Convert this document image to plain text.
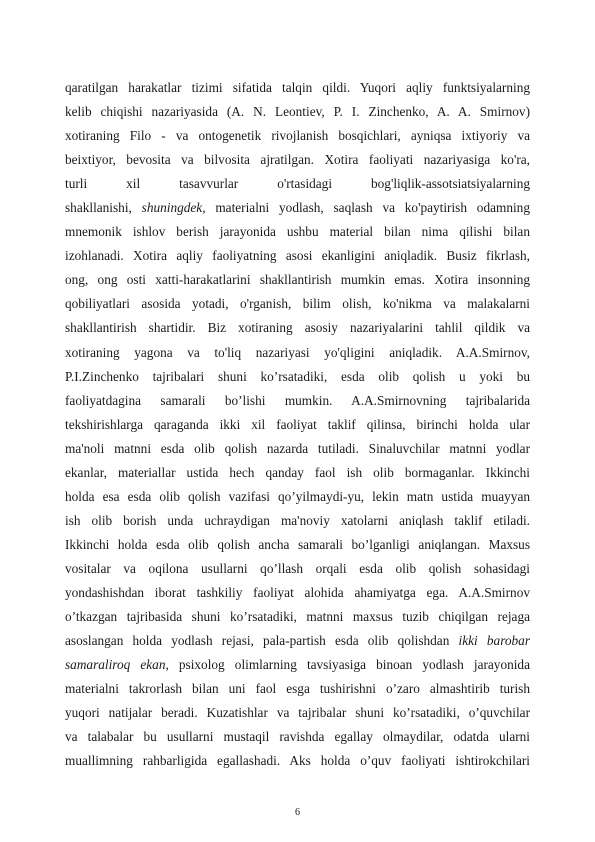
qaratilgan harakatlar tizimi sifatida talqin qildi. Yuqori aqliy funktsiyalarning
kelib chiqishi nazariyasida (A. N. Leontiev, P. I. Zinchenko, A. A. Smirnov)
xotiraning Filo - va ontogenetik rivojlanish bosqichlari, ayniqsa ixtiyoriy va
beixtiyor, bevosita va bilvosita ajratilgan. Xotira faoliyati nazariyasiga ko'ra,
turli xil tasavvurlar o'rtasidagi bog'liqlik-assotsiatsiyalarning
shakllanishi, shuningdek, materialni yodlash, saqlash va ko'paytirish odamning
mnemonik ishlov berish jarayonida ushbu material bilan nima qilishi bilan
izohlanadi. Xotira aqliy faoliyatning asosi ekanligini aniqladik. Busiz fikrlash,
ong, ong osti xatti-harakatlarini shakllantirish mumkin emas. Xotira insonning
qobiliyatlari asosida yotadi, o'rganish, bilim olish, ko'nikma va malakalarni
shakllantirish shartidir. Biz xotiraning asosiy nazariyalarini tahlil qildik va
xotiraning yagona va to'liq nazariyasi yo'qligini aniqladik. A.A.Smirnov,
P.I.Zinchenko tajribalari shuni ko’rsatadiki, esda olib qolish u yoki bu
faoliyatdagina samarali bo’lishi mumkin. A.A.Smirnovning tajribalarida
tekshirishlarga qaraganda ikki xil faoliyat taklif qilinsa, birinchi holda ular
ma'noli matnni esda olib qolish nazarda tutiladi. Sinaluvchilar matnni yodlar
ekanlar, materiallar ustida hech qanday faol ish olib bormaganlar. Ikkinchi
holda esa esda olib qolish vazifasi qo’yilmaydi-yu, lekin matn ustida muayyan
ish olib borish unda uchraydigan ma'noviy xatolarni aniqlash taklif etiladi.
Ikkinchi holda esda olib qolish ancha samarali bo’lganligi aniqlangan. Maxsus
vositalar va oqilona usullarni qo’llash orqali esda olib qolish sohasidagi
yondashishdan iborat tashkiliy faoliyat alohida ahamiyatga ega. A.A.Smirnov
o’tkazgan tajribasida shuni ko’rsatadiki, matnni maxsus tuzib chiqilgan rejaga
asoslangan holda yodlash rejasi, pala-partish esda olib qolishdan ikki barobar
samaraliroq ekan, psixolog olimlarning tavsiyasiga binoan yodlash jarayonida
materialni takrorlash bilan uni faol esga tushirishni o’zaro almashtirib turish
yuqori natijalar beradi. Kuzatishlar va tajribalar shuni ko’rsatadiki, o’quvchilar
va talabalar bu usullarni mustaqil ravishda egallay olmaydilar, odatda ularni
muallimning rahbarligida egallashadi. Aks holda o’quv faoliyati ishtirokchilari
6
